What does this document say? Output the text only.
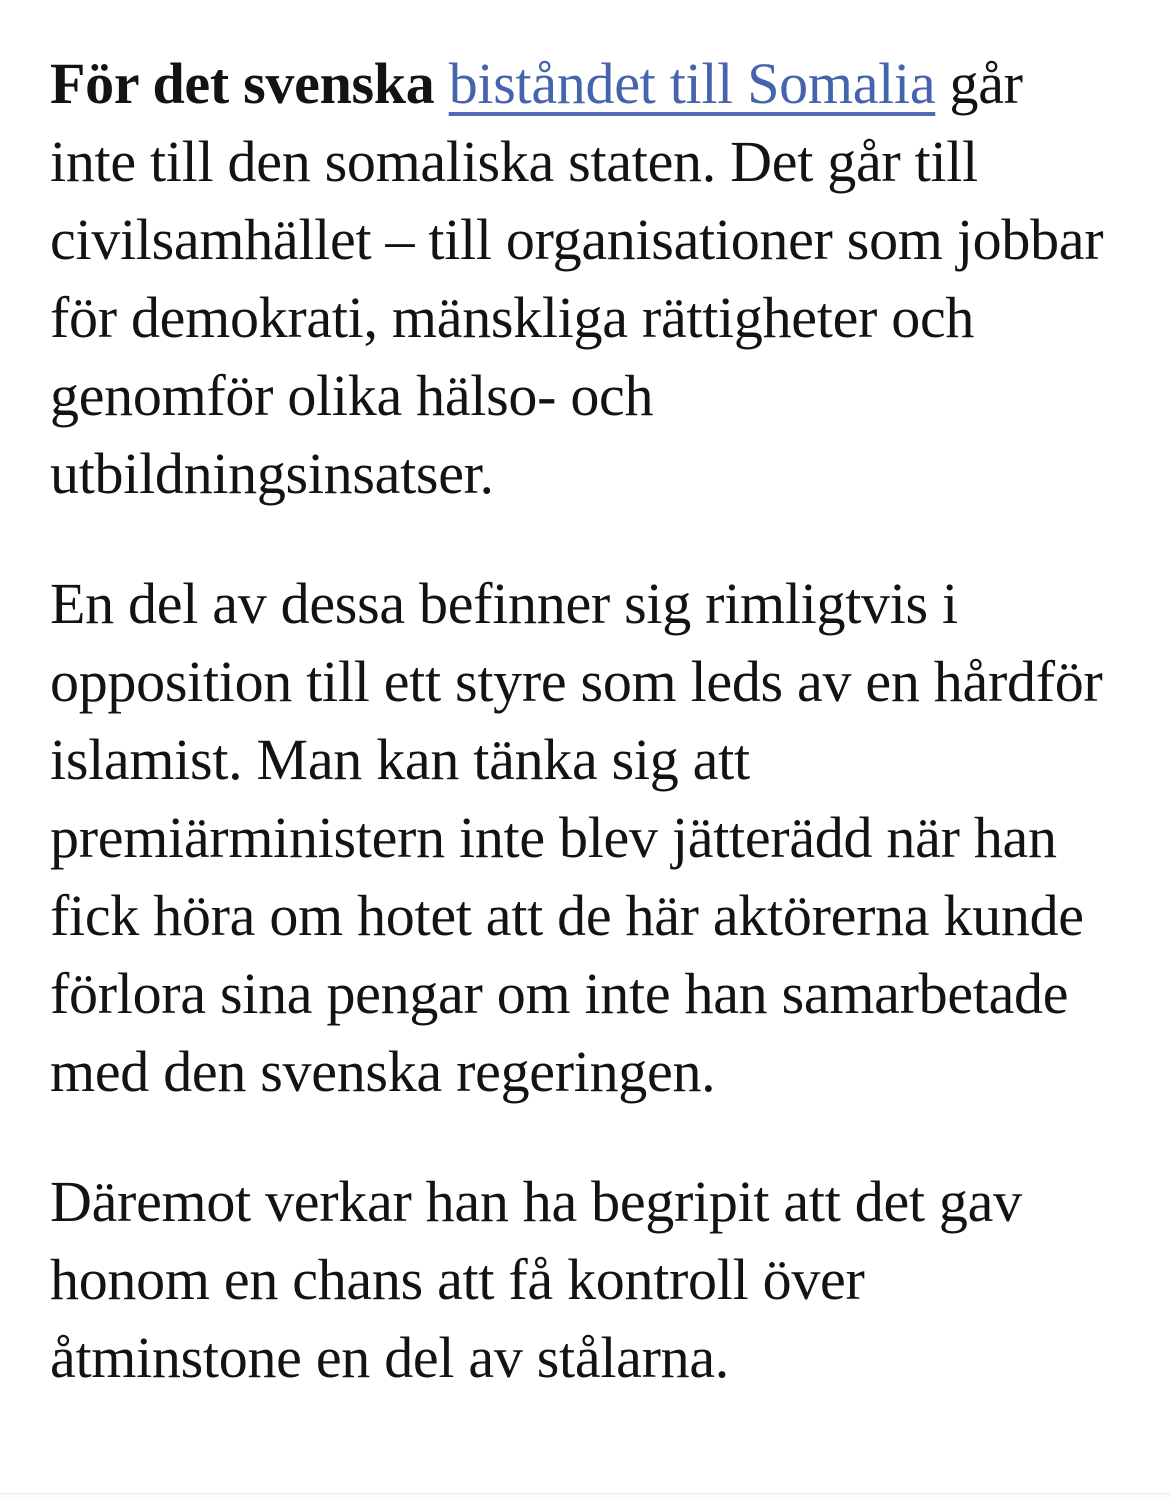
För det svenska biståndet till Somalia går
inte till den somaliska staten. Det går till
civilsamhället – till organisationer som jobbar
för demokrati, mänskliga rättigheter och
genomför olika hälso- och
utbildningsinsatser.
En del av dessa befinner sig rimligtvis i
opposition till ett styre som leds av en hårdför
islamist. Man kan tänka sig att
premiärministern inte blev jätterädd när han
fick höra om hotet att de här aktörerna kunde
förlora sina pengar om inte han samarbetade
med den svenska regeringen.
Däremot verkar han ha begripit att det gav
honom en chans att få kontroll över
åtminstone en del av stålarna.
